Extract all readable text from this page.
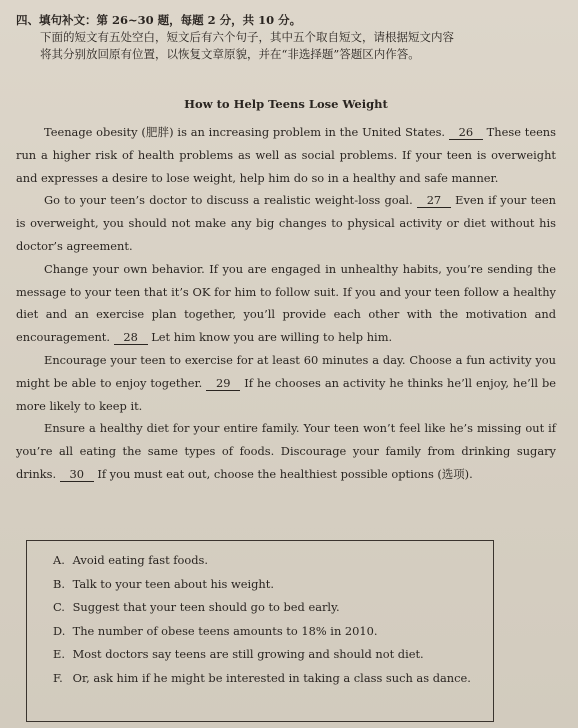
四、填句补文：第 26~30 题，每题 2 分，共 10 分。
下面的短文有五处空白，短文后有六个句子，其中五个取自短文，请根据短文内容
将其分别放回原有位置，以恢复文章原貌，并在“非选择题”答题区内作答。
How to Help Teens Lose Weight

Teenage obesity (肥胖) is an increasing problem in the United States. 26 These teens run a higher risk of health problems as well as social problems. If your teen is overweight and expresses a desire to lose weight, help him do so in a healthy and safe manner.

Go to your teen’s doctor to discuss a realistic weight-loss goal. 27 Even if your teen is overweight, you should not make any big changes to physical activity or diet without his doctor’s agreement.

Change your own behavior. If you are engaged in unhealthy habits, you’re sending the message to your teen that it’s OK for him to follow suit. If you and your teen follow a healthy diet and an exercise plan together, you’ll provide each other with the motivation and encouragement. 28 Let him know you are willing to help him.

Encourage your teen to exercise for at least 60 minutes a day. Choose a fun activity you might be able to enjoy together. 29 If he chooses an activity he thinks he’ll enjoy, he’ll be more likely to keep it.

Ensure a healthy diet for your entire family. Your teen won’t feel like he’s missing out if you’re all eating the same types of foods. Discourage your family from drinking sugary drinks. 30 If you must eat out, choose the healthiest possible options (选项).

A. Avoid eating fast foods.
B. Talk to your teen about his weight.
C. Suggest that your teen should go to bed early.
D. The number of obese teens amounts to 18% in 2010.
E. Most doctors say teens are still growing and should not diet.
F. Or, ask him if he might be interested in taking a class such as dance.
